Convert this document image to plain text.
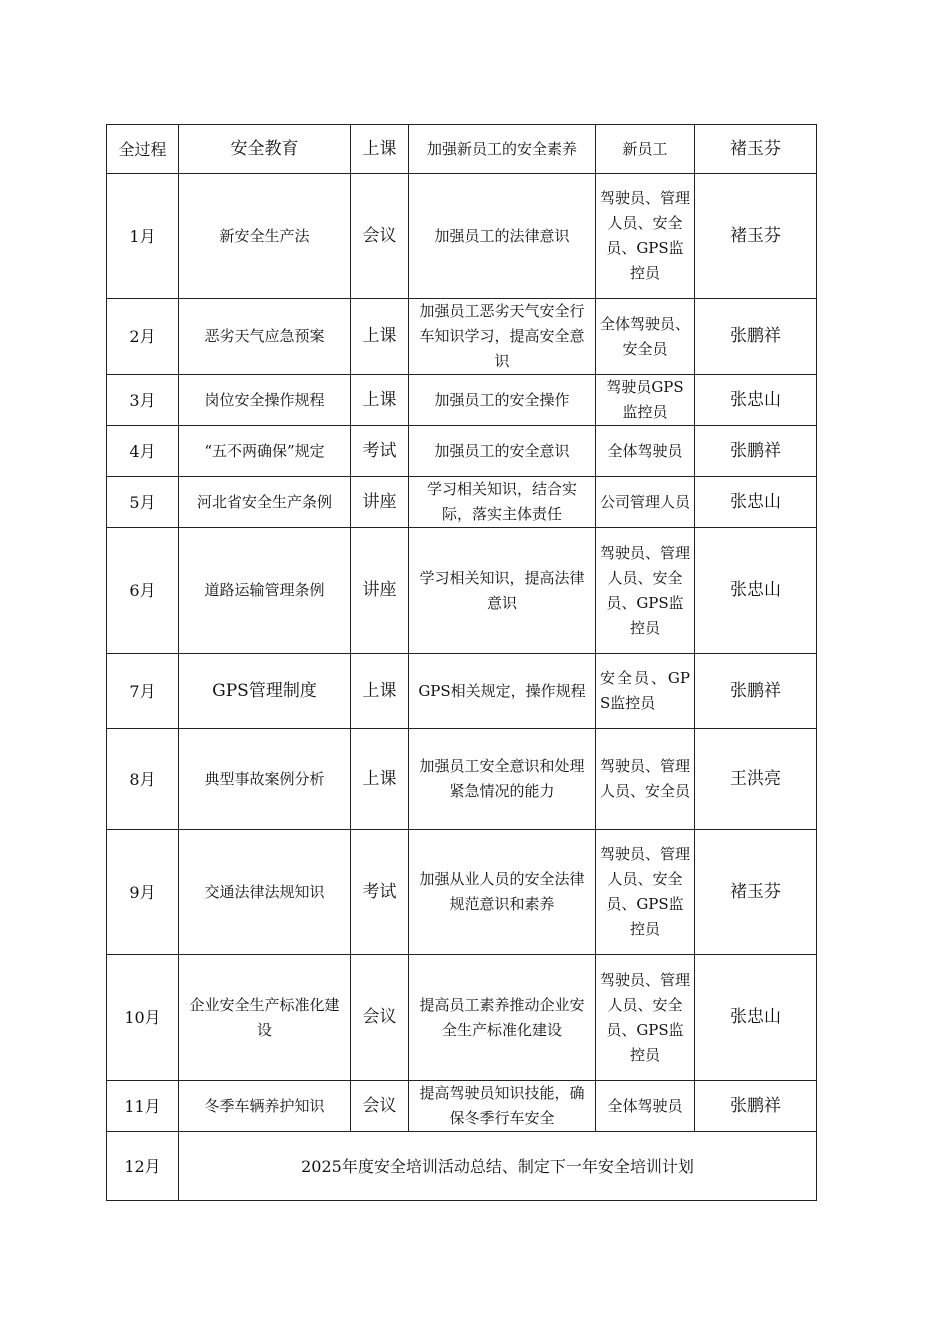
全过程	安全教育	上课	加强新员工的安全素养	新员工	褚玉芬
1月	新安全生产法	会议	加强员工的法律意识	驾驶员、管理人员、安全员、GPS监控员	褚玉芬
2月	恶劣天气应急预案	上课	加强员工恶劣天气安全行车知识学习，提高安全意识	全体驾驶员、安全员	张鹏祥
3月	岗位安全操作规程	上课	加强员工的安全操作	驾驶员GPS监控员	张忠山
4月	“五不两确保”规定	考试	加强员工的安全意识	全体驾驶员	张鹏祥
5月	河北省安全生产条例	讲座	学习相关知识，结合实际，落实主体责任	公司管理人员	张忠山
6月	道路运输管理条例	讲座	学习相关知识，提高法律意识	驾驶员、管理人员、安全员、GPS监控员	张忠山
7月	GPS管理制度	上课	GPS相关规定，操作规程	安全员、GPS监控员	张鹏祥
8月	典型事故案例分析	上课	加强员工安全意识和处理紧急情况的能力	驾驶员、管理人员、安全员	王洪亮
9月	交通法律法规知识	考试	加强从业人员的安全法律规范意识和素养	驾驶员、管理人员、安全员、GPS监控员	褚玉芬
10月	企业安全生产标准化建设	会议	提高员工素养推动企业安全生产标准化建设	驾驶员、管理人员、安全员、GPS监控员	张忠山
11月	冬季车辆养护知识	会议	提高驾驶员知识技能，确保冬季行车安全	全体驾驶员	张鹏祥
12月	2025年度安全培训活动总结、制定下一年安全培训计划				
